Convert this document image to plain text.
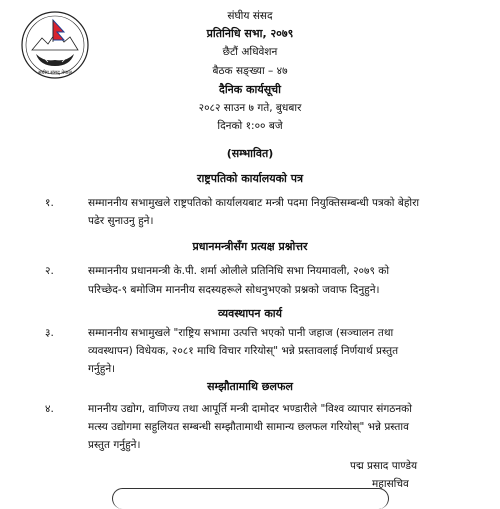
संघीय संसद् नेपाल
संघीय संसद
प्रतिनिधि सभा, २०७९
छैटौं अधिवेशन
बैठक सङ्ख्या – ४७
दैनिक कार्यसूची
२०८२ साउन ७ गते, बुधबार
दिनको १:०० बजे
(सम्भावित)
राष्ट्रपतिको कार्यालयको पत्र
१.	सम्माननीय सभामुखले राष्ट्रपतिको कार्यालयबाट मन्त्री पदमा नियुक्तिसम्बन्धी पत्रको बेहोरा
पढेर सुनाउनु हुने।
प्रधानमन्त्रीसँग प्रत्यक्ष प्रश्नोत्तर
२.	सम्माननीय प्रधानमन्त्री के.पी. शर्मा ओलीले प्रतिनिधि सभा नियमावली, २०७९ को
परिच्छेद-९ बमोजिम माननीय सदस्यहरूले सोधनुभएको प्रश्नको जवाफ दिनुहुने।
व्यवस्थापन कार्य
३.	सम्माननीय सभामुखले "राष्ट्रिय सभामा उत्पत्ति भएको पानी जहाज (सञ्चालन तथा
व्यवस्थापन) विधेयक, २०८१ माथि विचार गरियोस्" भन्ने प्रस्तावलाई निर्णयार्थ प्रस्तुत
गर्नुहुने।
सम्झौतामाथि छलफल
४.	माननीय उद्योग, वाणिज्य तथा आपूर्ति मन्त्री दामोदर भण्डारीले "विश्व व्यापार संगठनको
मत्स्य उद्योगमा सहुलियत सम्बन्धी सम्झौतामाथी सामान्य छलफल गरियोस्" भन्ने प्रस्ताव
प्रस्तुत गर्नुहुने।
पद्म प्रसाद पाण्डेय
महासचिव
